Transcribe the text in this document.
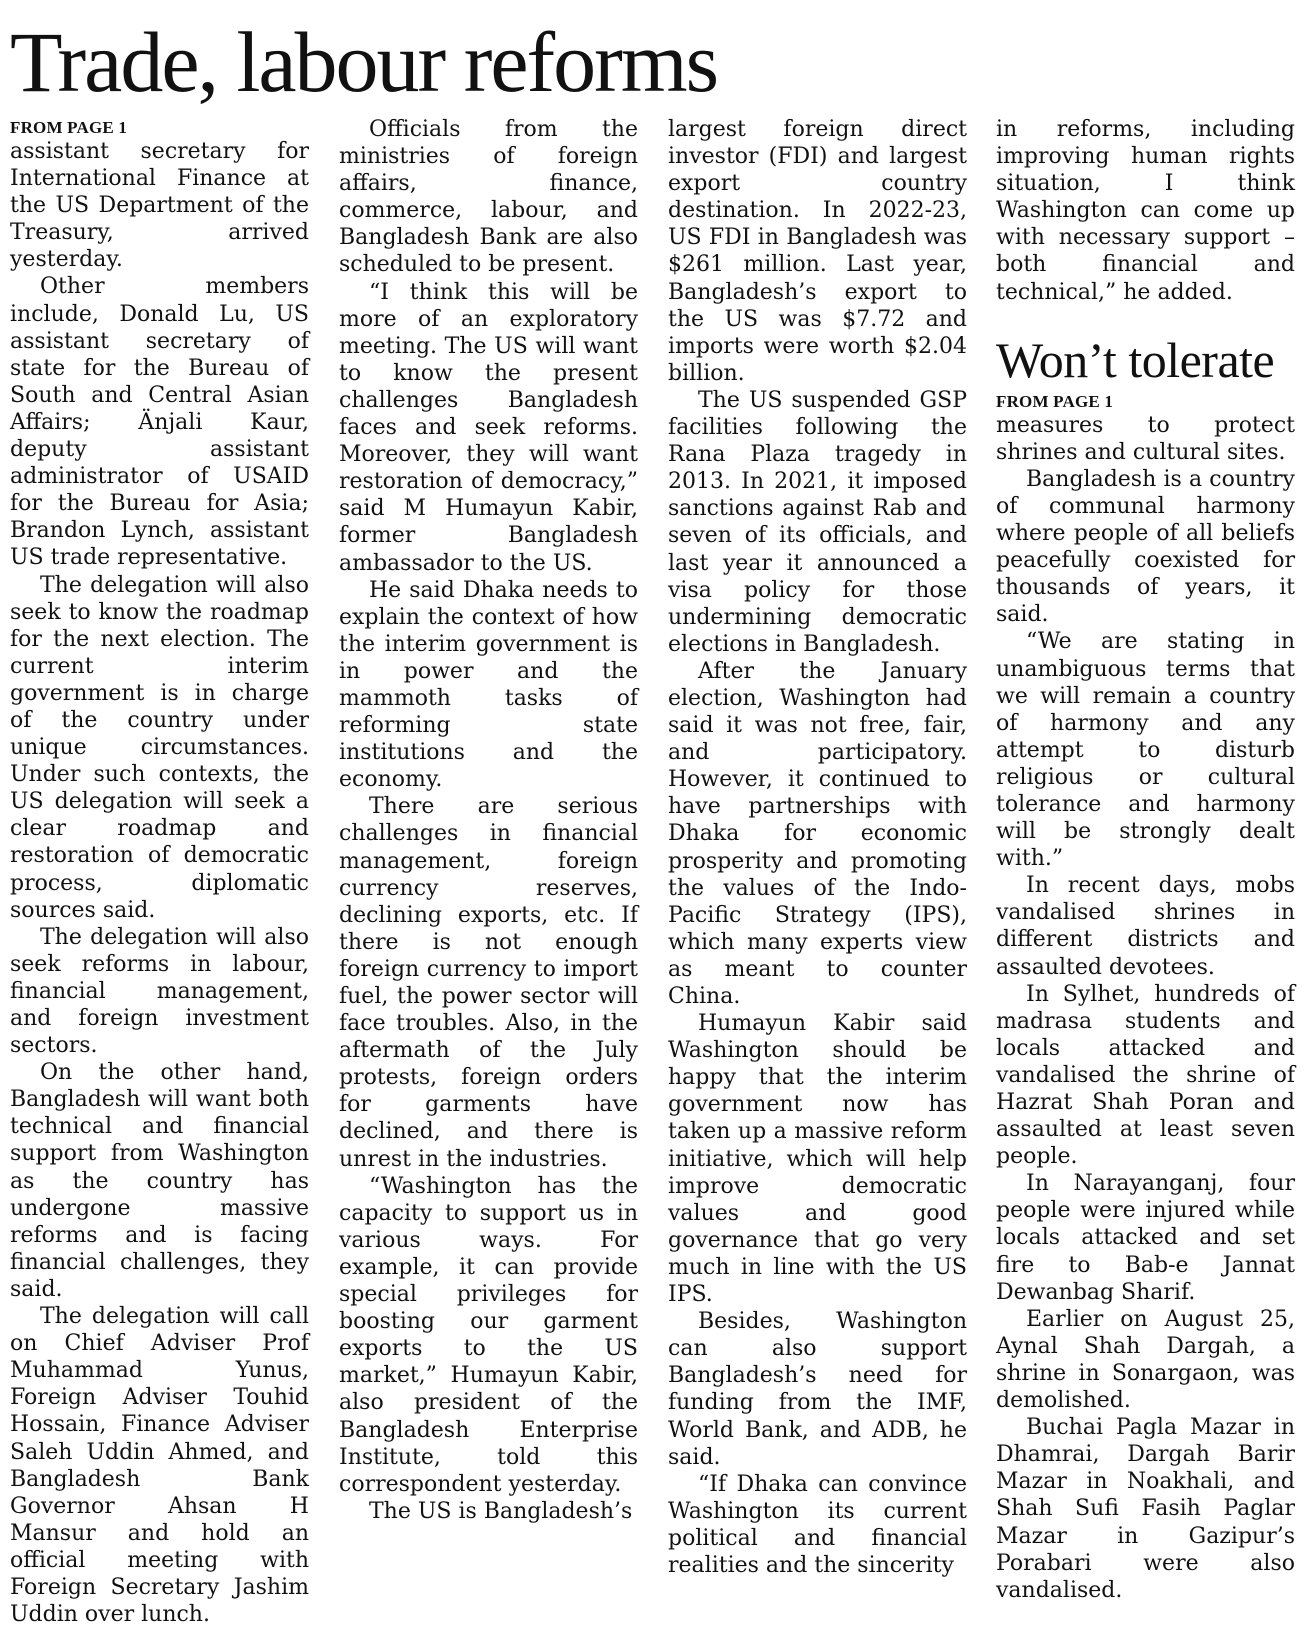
Trade, labour reforms
FROM PAGE 1

assistant secretary for International Finance at the US Department of the Treasury, arrived yesterday.

Other members include, Donald Lu, US assistant secretary of state for the Bureau of South and Central Asian Affairs; Änjali Kaur, deputy assistant administrator of USAID for the Bureau for Asia; Brandon Lynch, assistant US trade representative.

The delegation will also seek to know the roadmap for the next election. The current interim government is in charge of the country under unique circumstances. Under such contexts, the US delegation will seek a clear roadmap and restoration of democratic process, diplomatic sources said.

The delegation will also seek reforms in labour, financial management, and foreign investment sectors.

On the other hand, Bangladesh will want both technical and financial support from Washington as the country has undergone massive reforms and is facing financial challenges, they said.

The delegation will call on Chief Adviser Prof Muhammad Yunus, Foreign Adviser Touhid Hossain, Finance Adviser Saleh Uddin Ahmed, and Bangladesh Bank Governor Ahsan H Mansur and hold an official meeting with Foreign Secretary Jashim Uddin over lunch.

Officials from the ministries of foreign affairs, finance, commerce, labour, and Bangladesh Bank are also scheduled to be present.

“I think this will be more of an exploratory meeting. The US will want to know the present challenges Bangladesh faces and seek reforms. Moreover, they will want restoration of democracy,” said M Humayun Kabir, former Bangladesh ambassador to the US.

He said Dhaka needs to explain the context of how the interim government is in power and the mammoth tasks of reforming state institutions and the economy.

There are serious challenges in financial management, foreign currency reserves, declining exports, etc. If there is not enough foreign currency to import fuel, the power sector will face troubles. Also, in the aftermath of the July protests, foreign orders for garments have declined, and there is unrest in the industries.

“Washington has the capacity to support us in various ways. For example, it can provide special privileges for boosting our garment exports to the US market,” Humayun Kabir, also president of the Bangladesh Enterprise Institute, told this correspondent yesterday.

The US is Bangladesh’s

largest foreign direct investor (FDI) and largest export country destination. In 2022-23, US FDI in Bangladesh was $261 million. Last year, Bangladesh’s export to the US was $7.72 and imports were worth $2.04 billion.

The US suspended GSP facilities following the Rana Plaza tragedy in 2013. In 2021, it imposed sanctions against Rab and seven of its officials, and last year it announced a visa policy for those undermining democratic elections in Bangladesh.

After the January election, Washington had said it was not free, fair, and participatory. However, it continued to have partnerships with Dhaka for economic prosperity and promoting the values of the Indo-Pacific Strategy (IPS), which many experts view as meant to counter China.

Humayun Kabir said Washington should be happy that the interim government now has taken up a massive reform initiative, which will help improve democratic values and good governance that go very much in line with the US IPS.

Besides, Washington can also support Bangladesh’s need for funding from the IMF, World Bank, and ADB, he said.

“If Dhaka can convince Washington its current political and financial realities and the sincerity

in reforms, including improving human rights situation, I think Washington can come up with necessary support – both financial and technical,” he added.

Won’t tolerate
FROM PAGE 1

measures to protect shrines and cultural sites.

Bangladesh is a country of communal harmony where people of all beliefs peacefully coexisted for thousands of years, it said.

“We are stating in unambiguous terms that we will remain a country of harmony and any attempt to disturb religious or cultural tolerance and harmony will be strongly dealt with.”

In recent days, mobs vandalised shrines in different districts and assaulted devotees.

In Sylhet, hundreds of madrasa students and locals attacked and vandalised the shrine of Hazrat Shah Poran and assaulted at least seven people.

In Narayanganj, four people were injured while locals attacked and set fire to Bab-e Jannat Dewanbag Sharif.

Earlier on August 25, Aynal Shah Dargah, a shrine in Sonargaon, was demolished.

Buchai Pagla Mazar in Dhamrai, Dargah Barir Mazar in Noakhali, and Shah Sufi Fasih Paglar Mazar in Gazipur’s Porabari were also vandalised.
